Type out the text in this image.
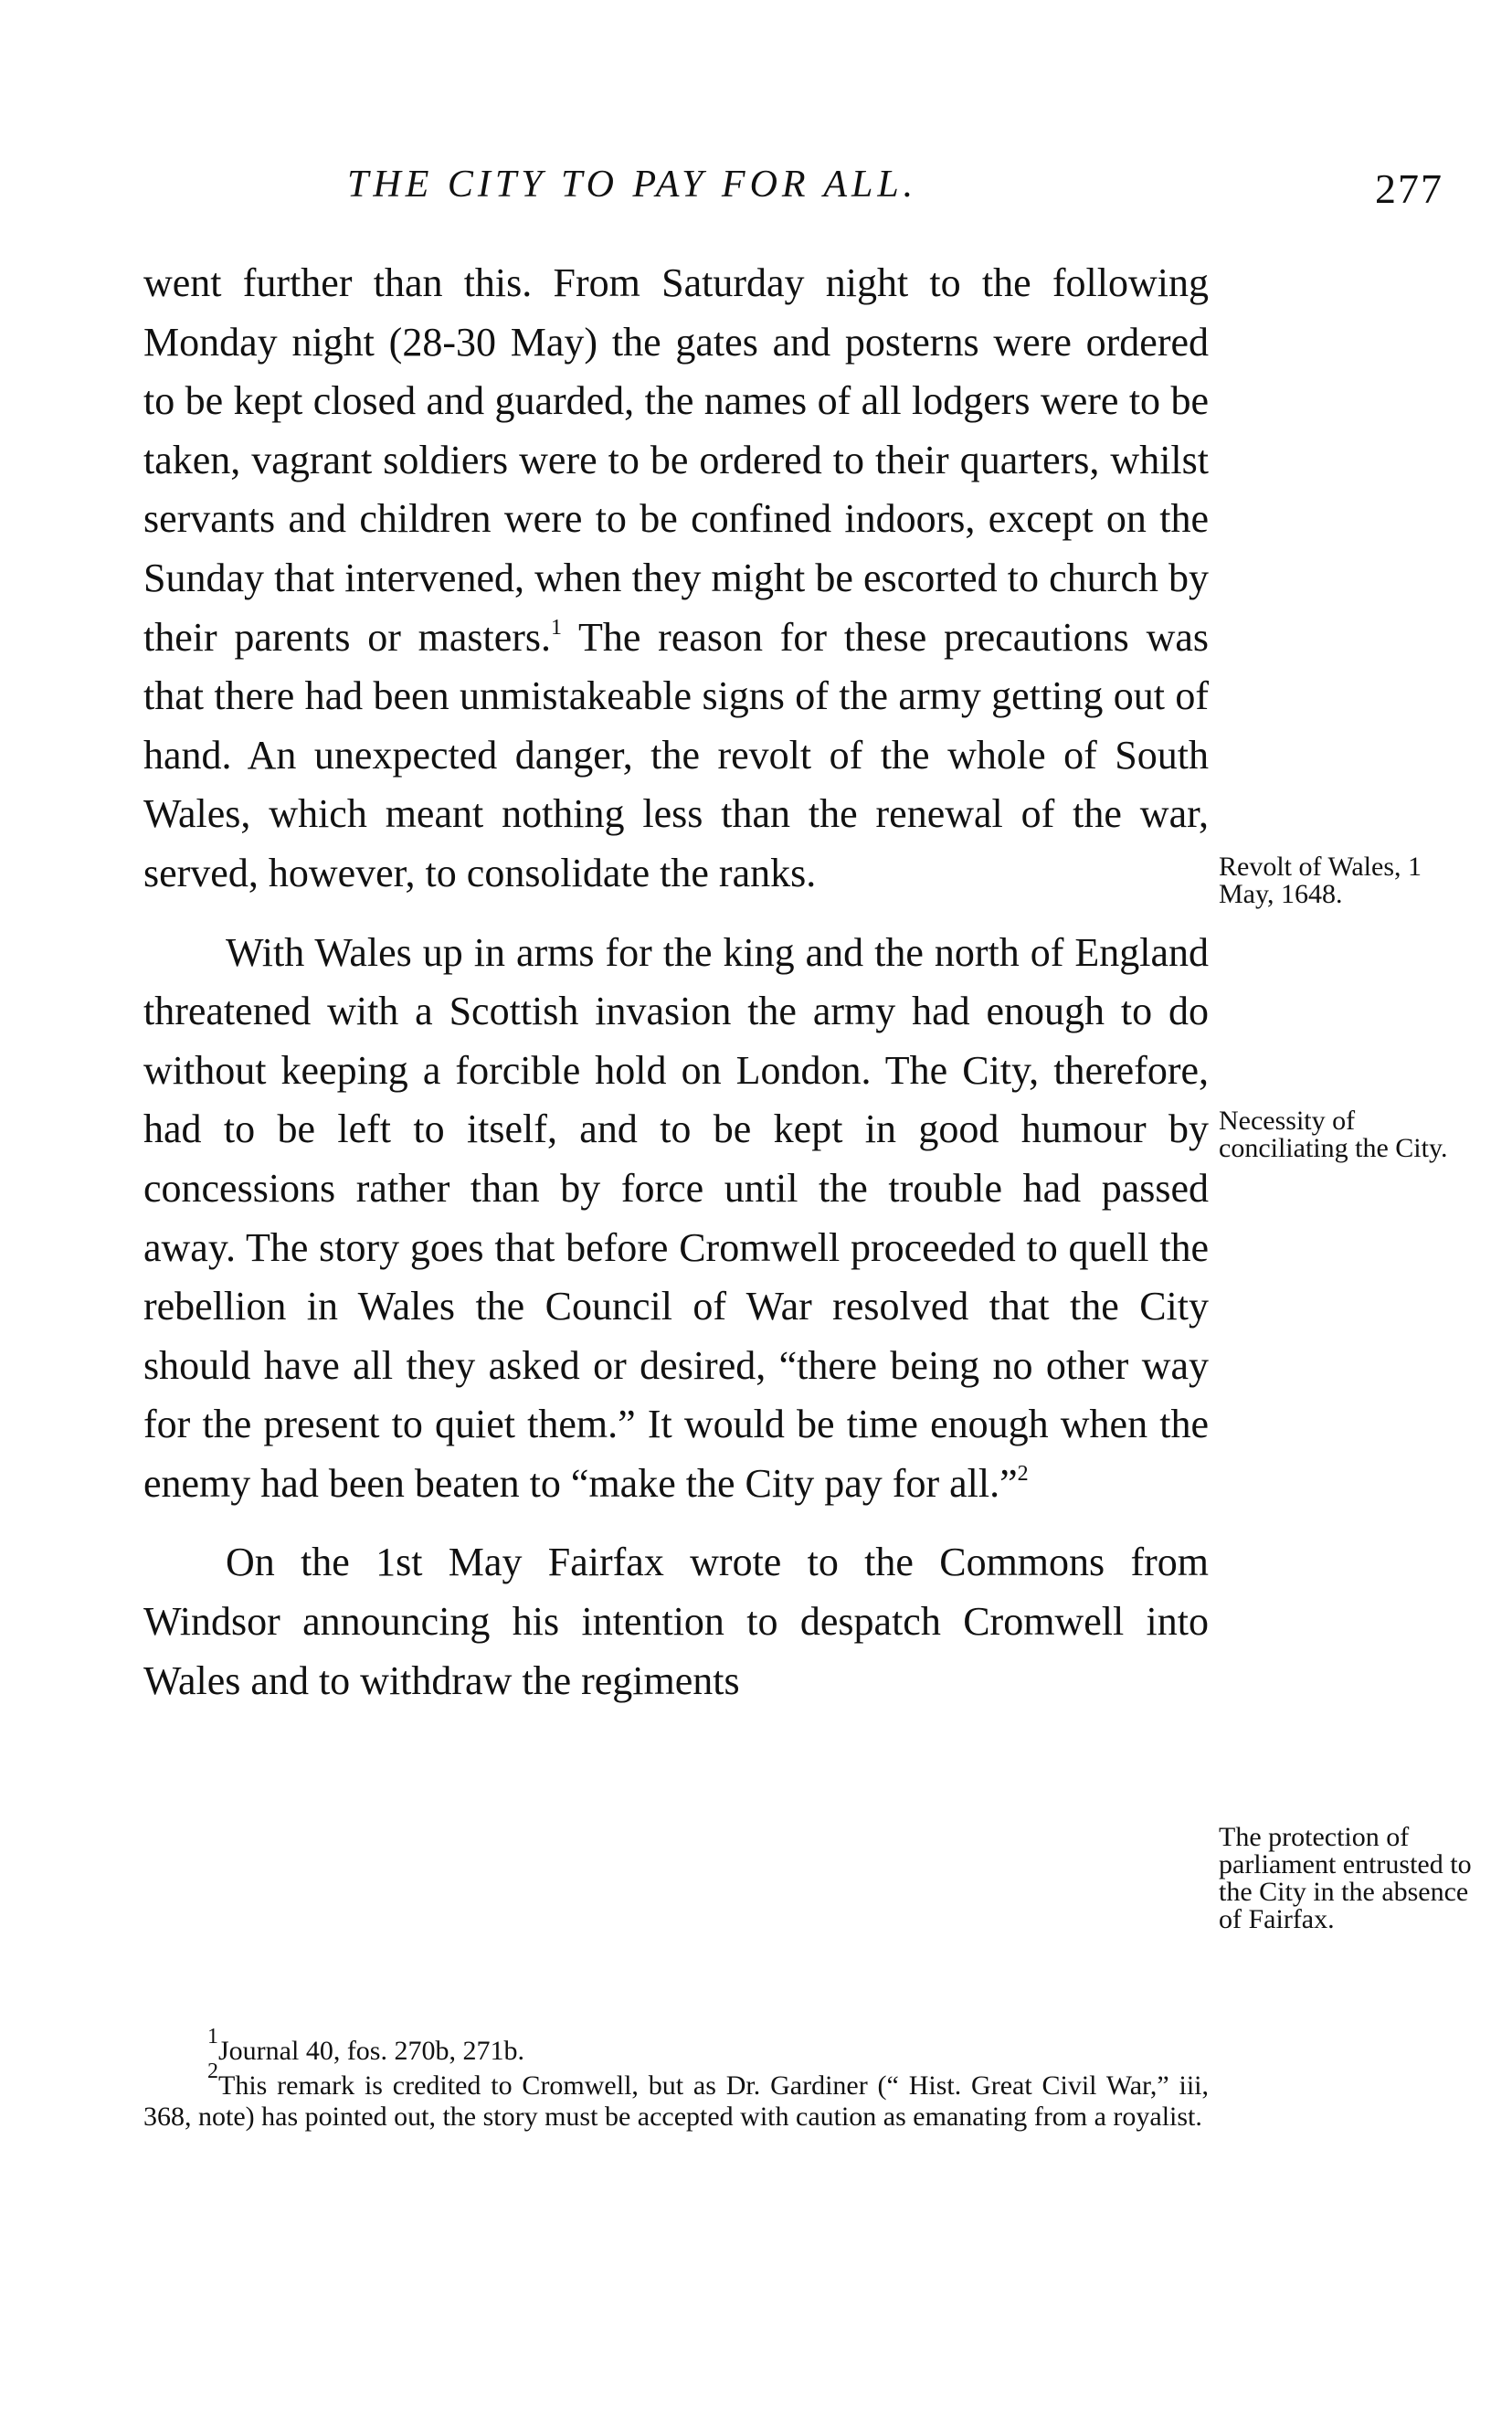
THE CITY TO PAY FOR ALL.	277

went further than this. From Saturday night to the following Monday night (28-30 May) the gates and posterns were ordered to be kept closed and guarded, the names of all lodgers were to be taken, vagrant soldiers were to be ordered to their quarters, whilst servants and children were to be confined indoors, except on the Sunday that intervened, when they might be escorted to church by their parents or masters.$^1$ The reason for these precautions was that there had been unmistakeable signs of the army getting out of hand. An unexpected danger, the revolt of the whole of South Wales, which meant nothing less than the renewal of the war, served, however, to consolidate the ranks.

With Wales up in arms for the king and the north of England threatened with a Scottish invasion the army had enough to do without keeping a forcible hold on London. The City, therefore, had to be left to itself, and to be kept in good humour by concessions rather than by force until the trouble had passed away. The story goes that before Cromwell proceeded to quell the rebellion in Wales the Council of War resolved that the City should have all they asked or desired, “there being no other way for the present to quiet them.” It would be time enough when the enemy had been beaten to “make the City pay for all.”$^2$

On the 1st May Fairfax wrote to the Commons from Windsor announcing his intention to despatch Cromwell into Wales and to withdraw the regiments

Revolt of Wales, 1 May, 1648.
Necessity of conciliating the City.
The protection of parliament entrusted to the City in the absence of Fairfax.

$^1$Journal 40, fos. 270b, 271b.

$^2$This remark is credited to Cromwell, but as Dr. Gardiner (“ Hist. Great Civil War,” iii, 368, note) has pointed out, the story must be accepted with caution as emanating from a royalist.
